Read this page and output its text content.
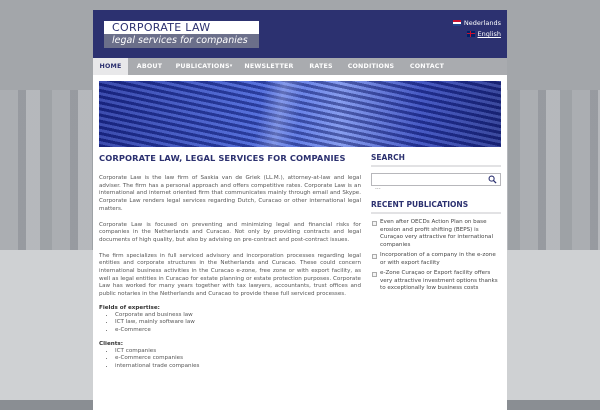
CORPORATE LAW
legal services for companies
Nederlands
English
HOME	ABOUT	PUBLICATIONS▾	NEWSLETTER	RATES	CONDITIONS	CONTACT
CORPORATE LAW, LEGAL SERVICES FOR COMPANIES

Corporate Law is the law firm of Saskia van de Griek (LL.M.), attorney-at-law and legal adviser. The firm has a personal approach and offers competitive rates. Corporate Law is an international and internet oriented firm that communicates mainly through email and Skype. Corporate Law renders legal services regarding Dutch, Curacao or other international legal matters.

Corporate Law is focused on preventing and minimizing legal and financial risks for companies in the Netherlands and Curacao. Not only by providing contracts and legal documents of high quality, but also by advising on pre-contract and post-contract issues.

The firm specializes in full serviced advisory and incorporation processes regarding legal entities and corporate structures in the Netherlands and Curacao. These could concern international business activities in the Curacao e-zone, free zone or with export facility, as well as legal entities in Curacao for estate planning or estate protection purposes. Corporate Law has worked for many years together with tax lawyers, accountants, trust offices and public notaries in the Netherlands and Curacao to provide these full serviced processes.

Fields of expertise:
• Corporate and business law
• ICT law, mainly software law
• e-Commerce
Clients:
• ICT companies
• e-Commerce companies
• international trade companies
SEARCH
...
RECENT PUBLICATIONS
Even after OECDs Action Plan on base erosion and profit shifting (BEPS) is Curaçao very attractive for international companies
Incorporation of a company in the e-zone or with export facility
e-Zone Curaçao or Export facility offers very attractive investment options thanks to exceptionally low business costs
